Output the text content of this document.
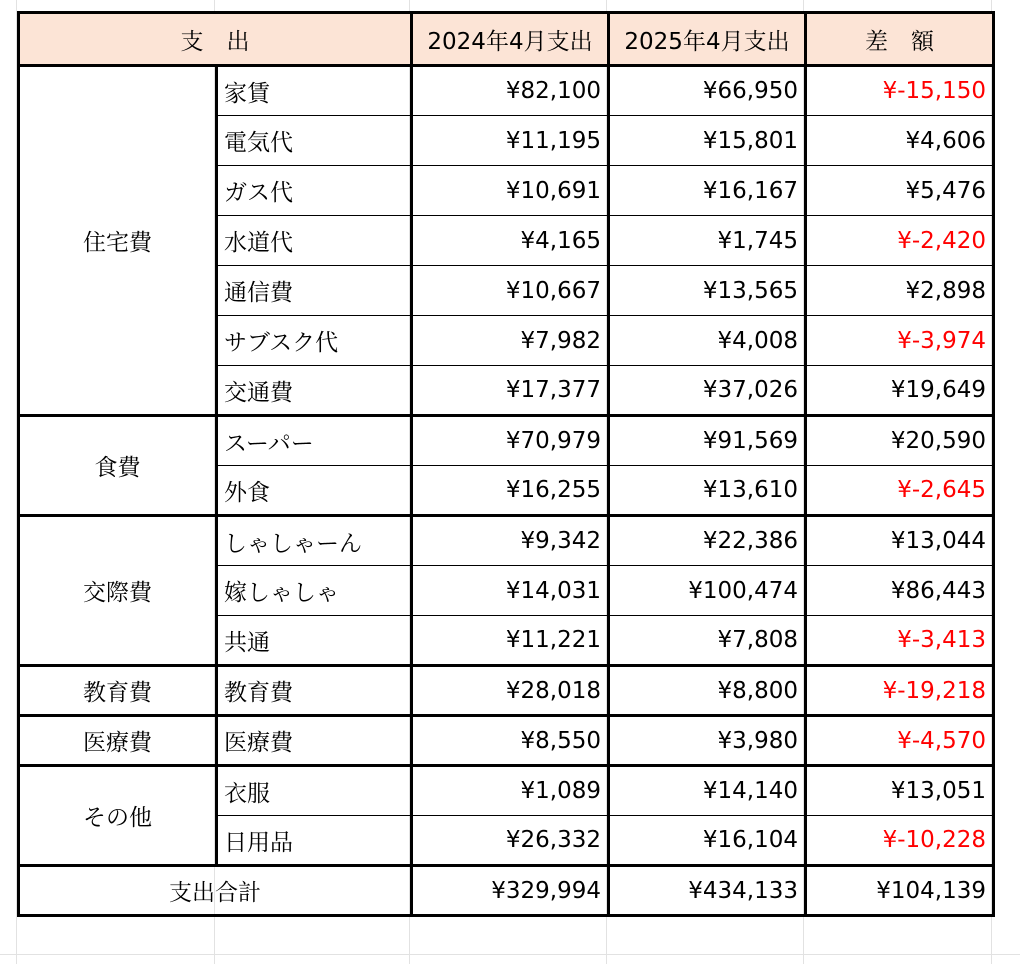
支　出		2024年4月支出	2025年4月支出	差　額
住宅費	家賃	¥82,100	¥66,950	¥-15,150
	電気代	¥11,195	¥15,801	¥4,606
	ガス代	¥10,691	¥16,167	¥5,476
	水道代	¥4,165	¥1,745	¥-2,420
	通信費	¥10,667	¥13,565	¥2,898
	サブスク代	¥7,982	¥4,008	¥-3,974
	交通費	¥17,377	¥37,026	¥19,649
食費	スーパー	¥70,979	¥91,569	¥20,590
	外食	¥16,255	¥13,610	¥-2,645
交際費	しゃしゃーん	¥9,342	¥22,386	¥13,044
	嫁しゃしゃ	¥14,031	¥100,474	¥86,443
	共通	¥11,221	¥7,808	¥-3,413
教育費	教育費	¥28,018	¥8,800	¥-19,218
医療費	医療費	¥8,550	¥3,980	¥-4,570
その他	衣服	¥1,089	¥14,140	¥13,051
	日用品	¥26,332	¥16,104	¥-10,228
支出合計		¥329,994	¥434,133	¥104,139
